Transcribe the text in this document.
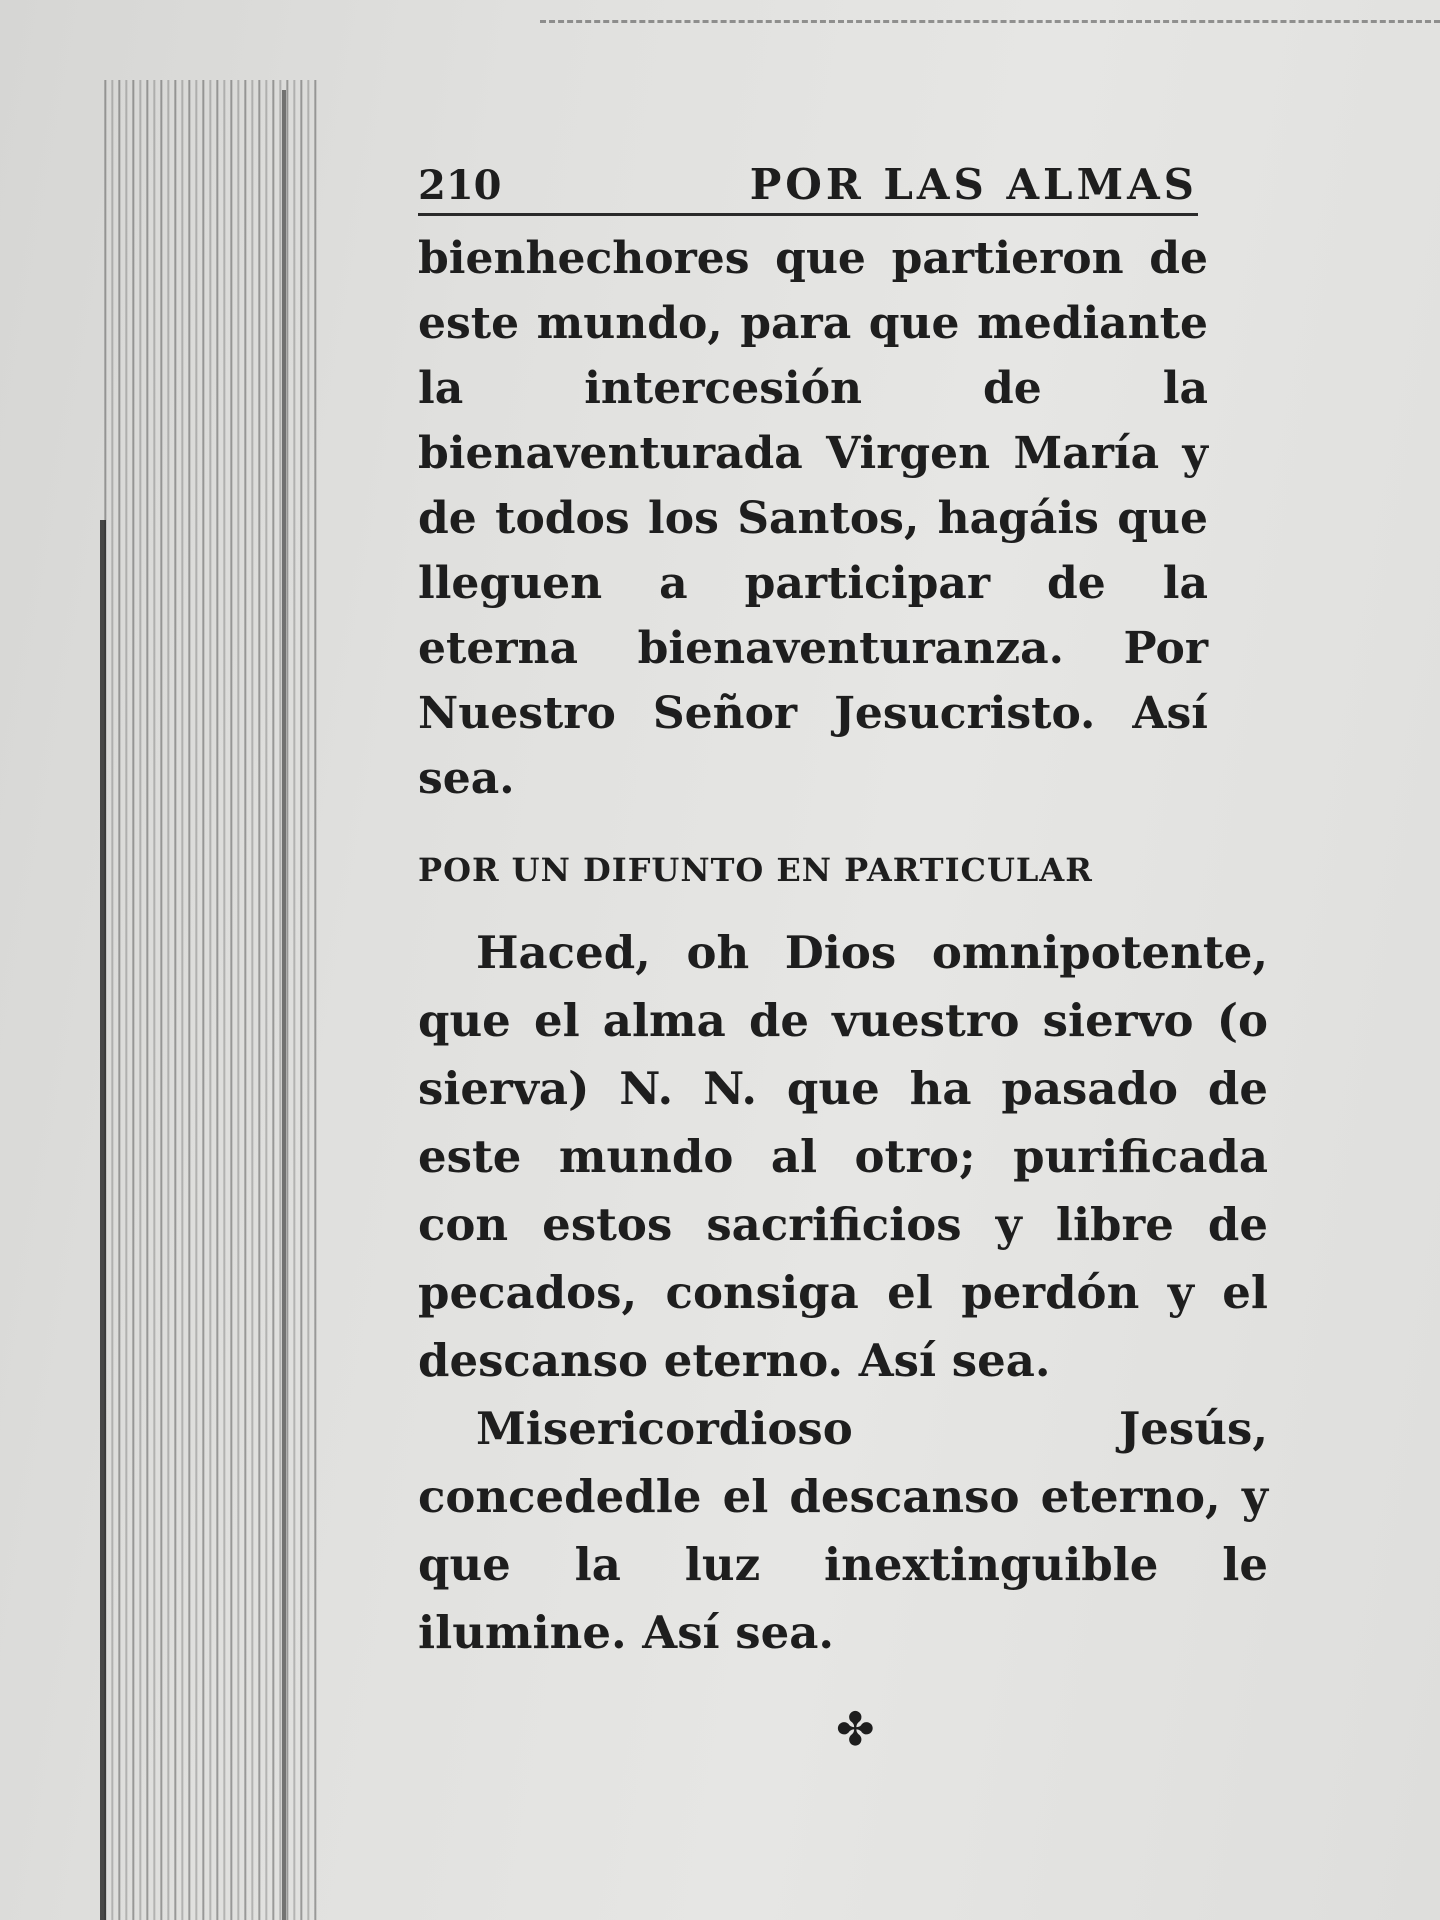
210	POR LAS ALMAS

bienhechores que partieron de este mundo, para que mediante la intercesión de la bienaventurada Virgen María y de todos los Santos, hagáis que lleguen a participar de la eterna bienaventuranza. Por Nuestro Señor Jesucristo. Así sea.

POR UN DIFUNTO EN PARTICULAR

Haced, oh Dios omnipotente, que el alma de vuestro siervo (o sierva) N. N. que ha pasado de este mundo al otro; purificada con estos sacrificios y libre de pecados, consiga el perdón y el descanso eterno. Así sea.

Misericordioso Jesús, concededle el descanso eterno, y que la luz inextinguible le ilumine. Así sea.

✤
